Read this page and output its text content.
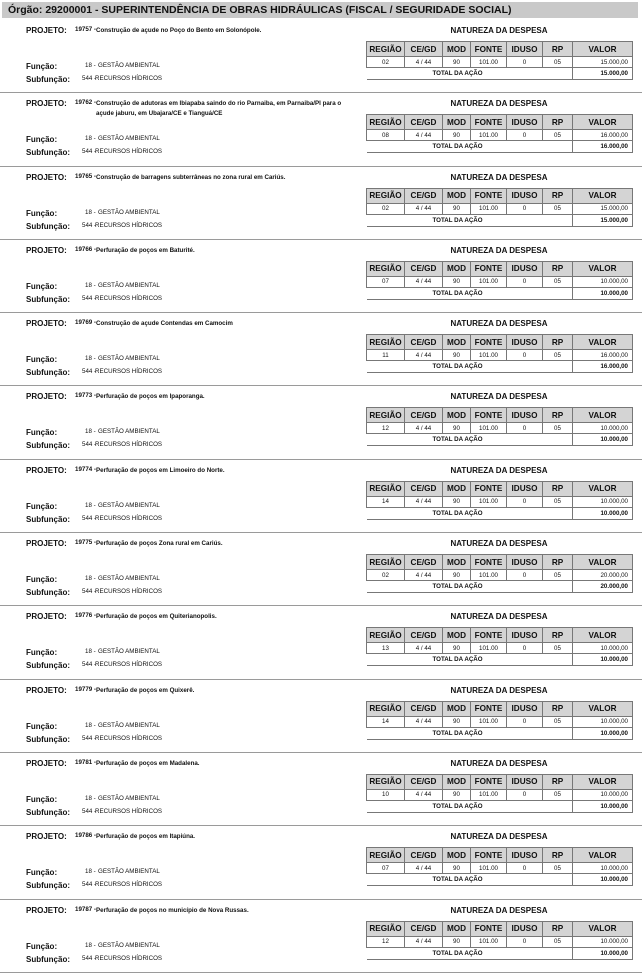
Órgão: 29200001 - SUPERINTENDÊNCIA DE OBRAS HIDRÁULICAS (FISCAL / SEGURIDADE SOCIAL)
PROJETO: 19757 - Construção de açude no Poço do Bento em Solonópole.	NATUREZA DA DESPESA
REGIÃO	CE/GD	MOD	FONTE	IDUSO	RP	VALOR
02	4 / 44	90	101.00	0	05	15.000,00
TOTAL DA AÇÃO						15.000,00
Função:	18 - GESTÃO AMBIENTAL
Subfunção: 544 -
RECURSOS HÍDRICOS
PROJETO: 19762 - Construção de adutoras em Ibiapaba saindo do rio Parnaiba, em Parnaiba/PI para o açude jaburu, em Ubajara/CE e Tianguá/CE
NATUREZA DA DESPESA
REGIÃO	CE/GD	MOD	FONTE	IDUSO	RP	VALOR
08	4 / 44	90	101.00	0	05	16.000,00
TOTAL DA AÇÃO						16.000,00
Função:	18 - GESTÃO AMBIENTAL
Subfunção: 544 -
RECURSOS HÍDRICOS
PROJETO: 19765 - Construção de barragens subterrâneas no zona rural em Cariús.	NATUREZA DA DESPESA
REGIÃO	CE/GD	MOD	FONTE	IDUSO	RP	VALOR
02	4 / 44	90	101.00	0	05	15.000,00
TOTAL DA AÇÃO						15.000,00
Função:	18 - GESTÃO AMBIENTAL
Subfunção: 544 -
RECURSOS HÍDRICOS
PROJETO: 19766 - Perfuração de poços em Baturité.	NATUREZA DA DESPESA
REGIÃO	CE/GD	MOD	FONTE	IDUSO	RP	VALOR
07	4 / 44	90	101.00	0	05	10.000,00
TOTAL DA AÇÃO						10.000,00
Função:	18 - GESTÃO AMBIENTAL
Subfunção: 544 -
RECURSOS HÍDRICOS
PROJETO: 19769 - Construção de açude Contendas em Camocim	NATUREZA DA DESPESA
REGIÃO	CE/GD	MOD	FONTE	IDUSO	RP	VALOR
11	4 / 44	90	101.00	0	05	16.000,00
TOTAL DA AÇÃO						16.000,00
Função:	18 - GESTÃO AMBIENTAL
Subfunção: 544 -
RECURSOS HÍDRICOS
PROJETO: 19773 - Perfuração de poços em Ipaporanga.	NATUREZA DA DESPESA
REGIÃO	CE/GD	MOD	FONTE	IDUSO	RP	VALOR
12	4 / 44	90	101.00	0	05	10.000,00
TOTAL DA AÇÃO						10.000,00
Função:	18 - GESTÃO AMBIENTAL
Subfunção: 544 -
RECURSOS HÍDRICOS
PROJETO: 19774 - Perfuração de poços em Limoeiro do Norte.	NATUREZA DA DESPESA
REGIÃO	CE/GD	MOD	FONTE	IDUSO	RP	VALOR
14	4 / 44	90	101.00	0	05	10.000,00
TOTAL DA AÇÃO						10.000,00
Função:	18 - GESTÃO AMBIENTAL
Subfunção: 544 -
RECURSOS HÍDRICOS
PROJETO: 19775 - Perfuração de poços Zona rural em Cariús.	NATUREZA DA DESPESA
REGIÃO	CE/GD	MOD	FONTE	IDUSO	RP	VALOR
02	4 / 44	90	101.00	0	05	20.000,00
TOTAL DA AÇÃO						20.000,00
Função:	18 - GESTÃO AMBIENTAL
Subfunção: 544 -
RECURSOS HÍDRICOS
PROJETO: 19776 - Perfuração de poços em Quiterianopolis.	NATUREZA DA DESPESA
REGIÃO	CE/GD	MOD	FONTE	IDUSO	RP	VALOR
13	4 / 44	90	101.00	0	05	10.000,00
TOTAL DA AÇÃO						10.000,00
Função:	18 - GESTÃO AMBIENTAL
Subfunção: 544 -
RECURSOS HÍDRICOS
PROJETO: 19779 - Perfuração de poços em Quixerê.	NATUREZA DA DESPESA
REGIÃO	CE/GD	MOD	FONTE	IDUSO	RP	VALOR
14	4 / 44	90	101.00	0	05	10.000,00
TOTAL DA AÇÃO						10.000,00
Função:	18 - GESTÃO AMBIENTAL
Subfunção: 544 -
RECURSOS HÍDRICOS
PROJETO: 19781 - Perfuração de poços em Madalena.	NATUREZA DA DESPESA
REGIÃO	CE/GD	MOD	FONTE	IDUSO	RP	VALOR
10	4 / 44	90	101.00	0	05	10.000,00
TOTAL DA AÇÃO						10.000,00
Função:	18 - GESTÃO AMBIENTAL
Subfunção: 544 -
RECURSOS HÍDRICOS
PROJETO: 19786 - Perfuração de poços em Itapiúna.	NATUREZA DA DESPESA
REGIÃO	CE/GD	MOD	FONTE	IDUSO	RP	VALOR
07	4 / 44	90	101.00	0	05	10.000,00
TOTAL DA AÇÃO						10.000,00
Função:	18 - GESTÃO AMBIENTAL
Subfunção: 544 -
RECURSOS HÍDRICOS
PROJETO: 19787 - Perfuração de poços no município de Nova Russas.	NATUREZA DA DESPESA
REGIÃO	CE/GD	MOD	FONTE	IDUSO	RP	VALOR
12	4 / 44	90	101.00	0	05	10.000,00
TOTAL DA AÇÃO						10.000,00
Função:	18 - GESTÃO AMBIENTAL
Subfunção: 544 -
RECURSOS HÍDRICOS
